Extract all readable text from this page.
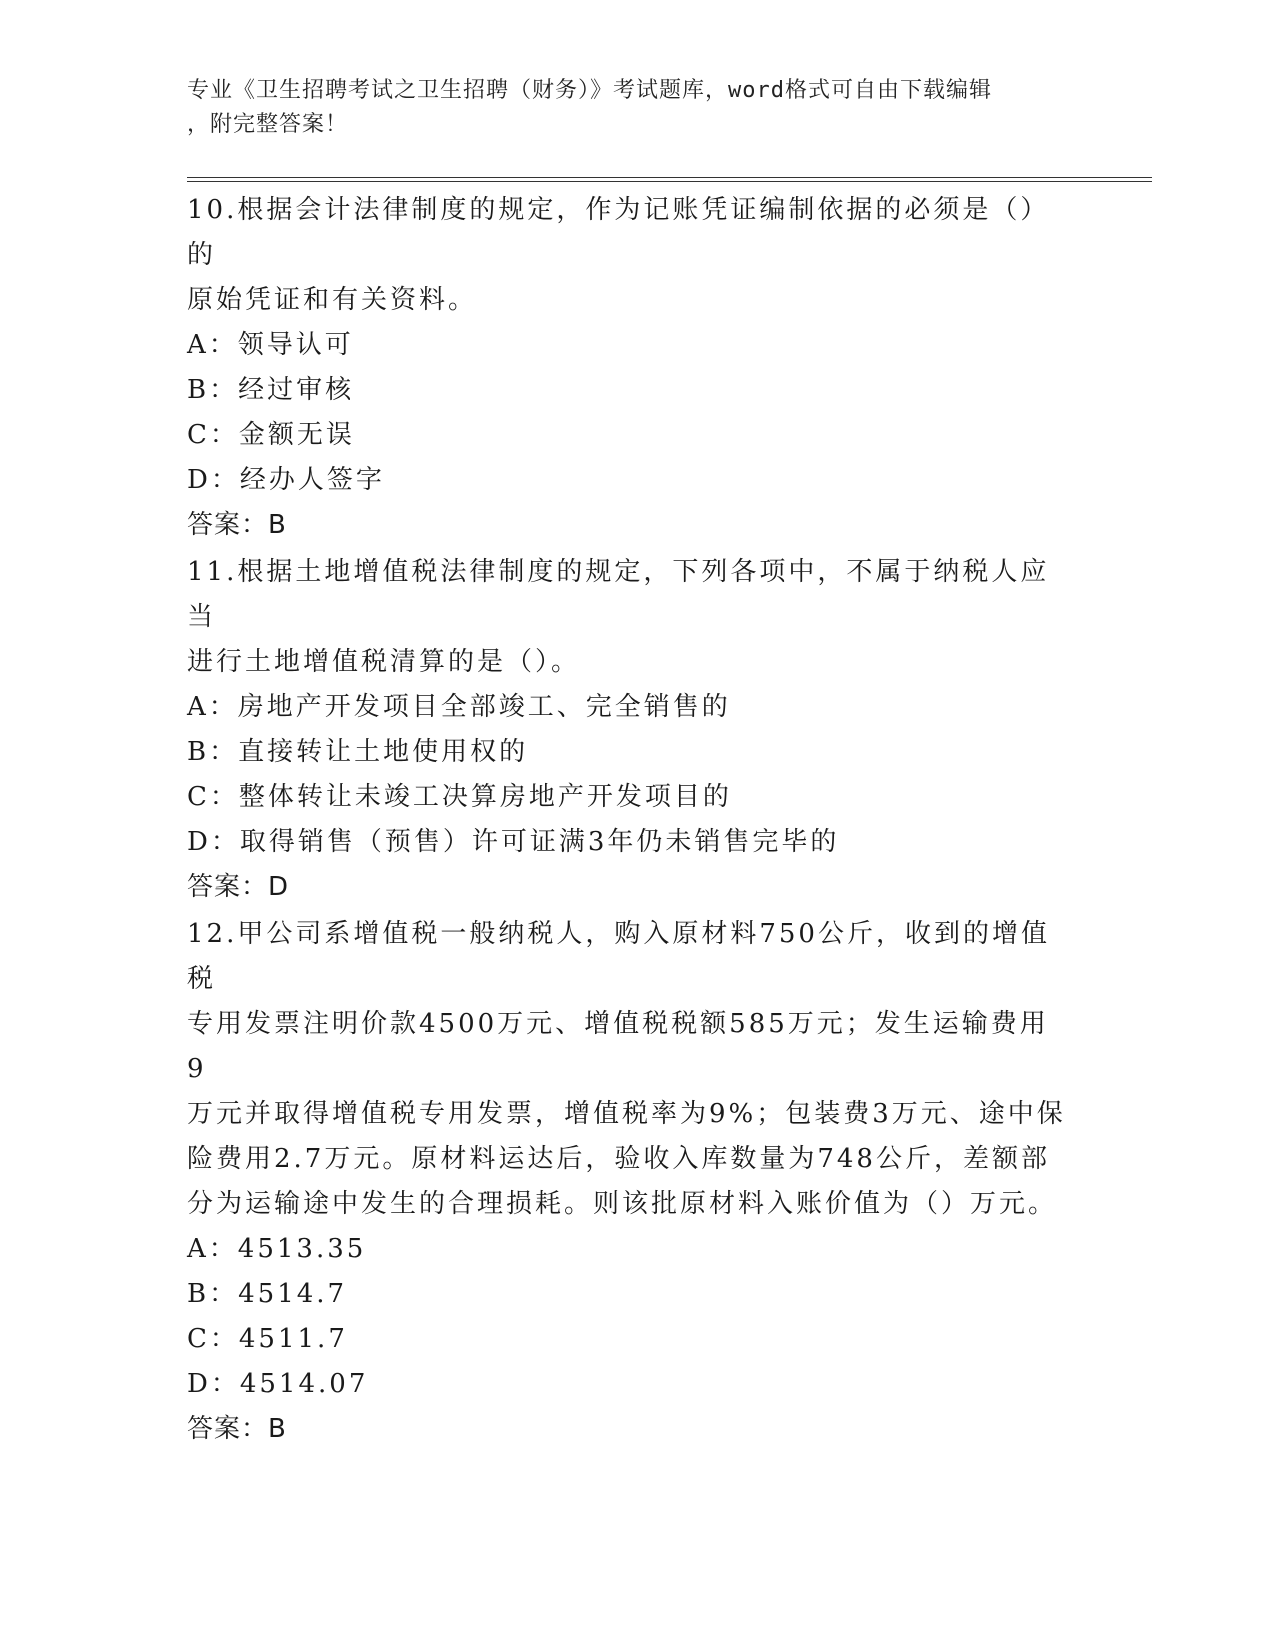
专业《卫生招聘考试之卫生招聘（财务）》考试题库，word格式可自由下载编辑
，附完整答案！

10.根据会计法律制度的规定，作为记账凭证编制依据的必须是（）的

原始凭证和有关资料。

A：领导认可

B：经过审核

C：金额无误

D：经办人签字

答案：B

11.根据土地增值税法律制度的规定，下列各项中，不属于纳税人应当

进行土地增值税清算的是（）。

A：房地产开发项目全部竣工、完全销售的

B：直接转让土地使用权的

C：整体转让未竣工决算房地产开发项目的

D：取得销售（预售）许可证满3年仍未销售完毕的

答案：D

12.甲公司系增值税一般纳税人，购入原材料750公斤，收到的增值税

专用发票注明价款4500万元、增值税税额585万元；发生运输费用9

万元并取得增值税专用发票，增值税率为9%；包装费3万元、途中保

险费用2.7万元。原材料运达后，验收入库数量为748公斤，差额部

分为运输途中发生的合理损耗。则该批原材料入账价值为（）万元。

A：4513.35

B：4514.7

C：4511.7

D：4514.07

答案：B
